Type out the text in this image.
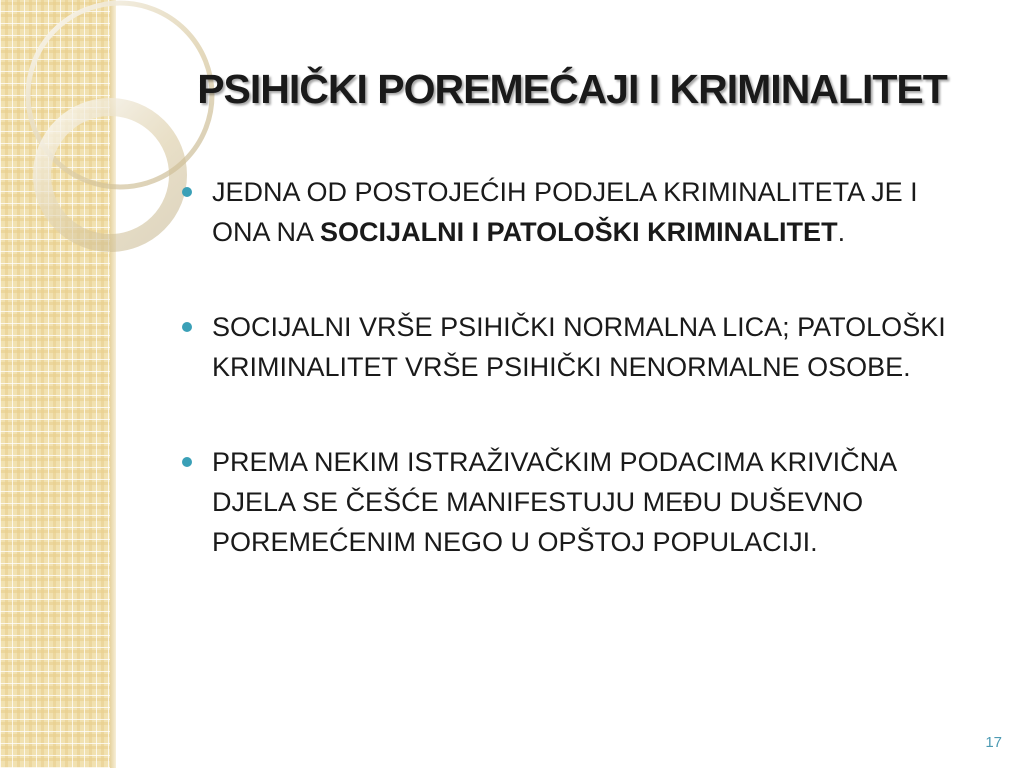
PSIHIČKI POREMEĆAJI I KRIMINALITET
JEDNA OD POSTOJEĆIH PODJELA KRIMINALITETA JE I ONA NA SOCIJALNI I PATOLOŠKI KRIMINALITET.
SOCIJALNI VRŠE PSIHIČKI NORMALNA LICA; PATOLOŠKI KRIMINALITET VRŠE PSIHIČKI NENORMALNE OSOBE.
PREMA NEKIM ISTRAŽIVAČKIM PODACIMA KRIVIČNA DJELA SE ČEŠĆE MANIFESTUJU MEĐU DUŠEVNO POREMEĆENIM NEGO U OPŠTOJ POPULACIJI.
17
